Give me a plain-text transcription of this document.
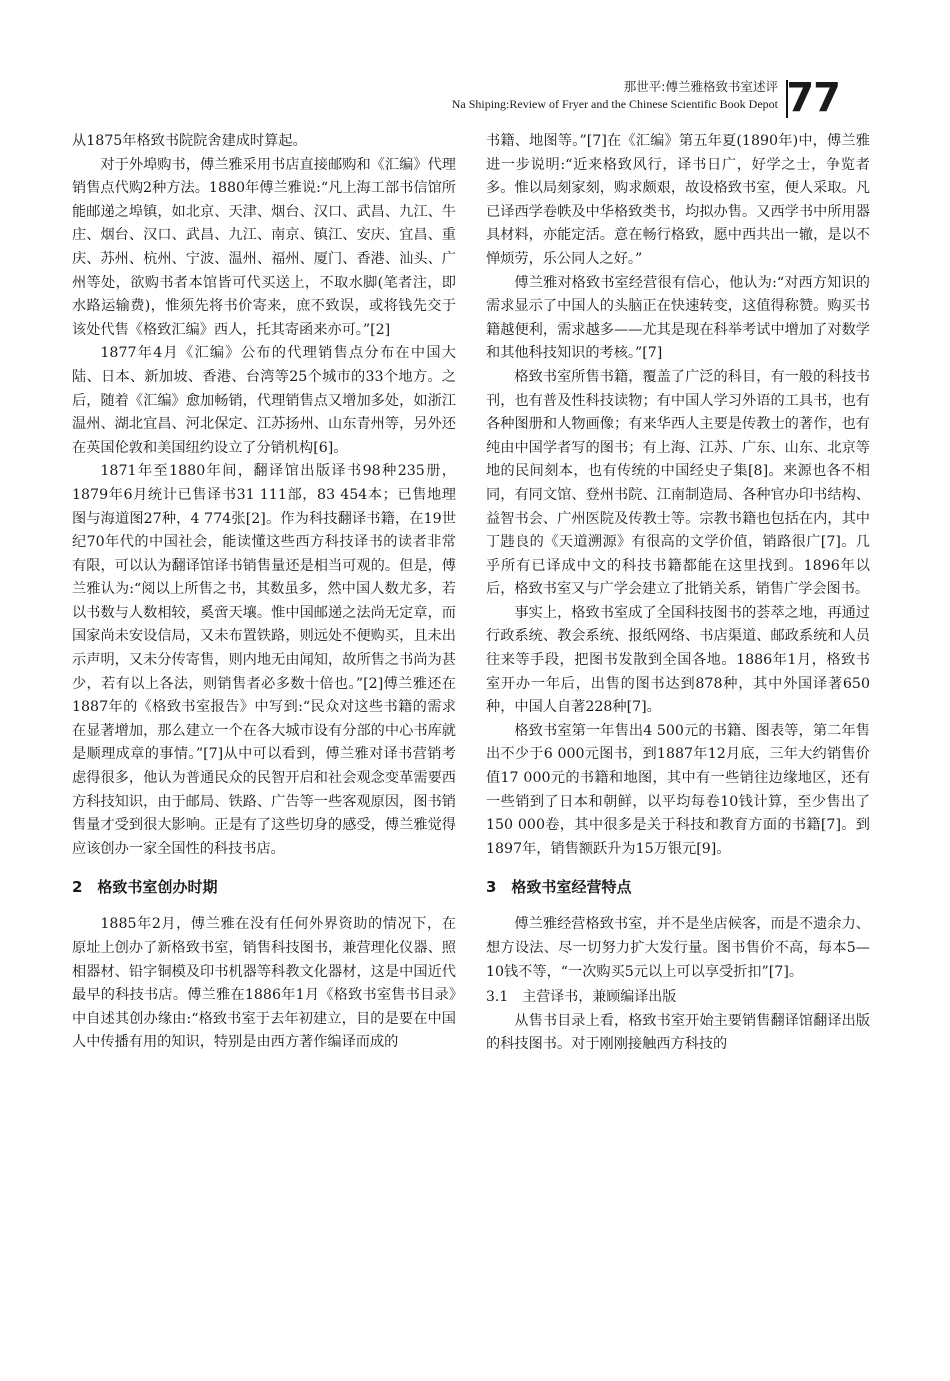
那世平:傅兰雅格致书室述评
Na Shiping:Review of Fryer and the Chinese Scientific Book Depot 77

从1875年格致书院院舍建成时算起。

对于外埠购书，傅兰雅采用书店直接邮购和《汇编》代理销售点代购2种方法。1880年傅兰雅说:“凡上海工部书信馆所能邮递之埠镇，如北京、天津、烟台、汉口、武昌、九江、牛庄、烟台、汉口、武昌、九江、南京、镇江、安庆、宜昌、重庆、苏州、杭州、宁波、温州、福州、厦门、香港、汕头、广州等处，欲购书者本馆皆可代买送上，不取水脚(笔者注，即水路运输费)，惟须先将书价寄来，庶不致误，或将钱先交于该处代售《格致汇编》西人，托其寄函来亦可。”[2]

1877年4月《汇编》公布的代理销售点分布在中国大陆、日本、新加坡、香港、台湾等25个城市的33个地方。之后，随着《汇编》愈加畅销，代理销售点又增加多处，如浙江温州、湖北宜昌、河北保定、江苏扬州、山东青州等，另外还在英国伦敦和美国纽约设立了分销机构[6]。

1871年至1880年间，翻译馆出版译书98种235册，1879年6月统计已售译书31 111部，83 454本；已售地理图与海道图27种，4 774张[2]。作为科技翻译书籍，在19世纪70年代的中国社会，能读懂这些西方科技译书的读者非常有限，可以认为翻译馆译书销售量还是相当可观的。但是，傅兰雅认为:“阅以上所售之书，其数虽多，然中国人数尤多，若以书数与人数相较，奚啻天壤。惟中国邮递之法尚无定章，而国家尚未安设信局，又未布置铁路，则远处不便购买，且未出示声明，又未分传寄售，则内地无由闻知，故所售之书尚为甚少，若有以上各法，则销售者必多数十倍也。”[2]傅兰雅还在1887年的《格致书室报告》中写到:“民众对这些书籍的需求在显著增加，那么建立一个在各大城市设有分部的中心书库就是顺理成章的事情。”[7]从中可以看到，傅兰雅对译书营销考虑得很多，他认为普通民众的民智开启和社会观念变革需要西方科技知识，由于邮局、铁路、广告等一些客观原因，图书销售量才受到很大影响。正是有了这些切身的感受，傅兰雅觉得应该创办一家全国性的科技书店。

2　格致书室创办时期

1885年2月，傅兰雅在没有任何外界资助的情况下，在原址上创办了新格致书室，销售科技图书，兼营理化仪器、照相器材、铅字铜模及印书机器等科教文化器材，这是中国近代最早的科技书店。傅兰雅在1886年1月《格致书室售书目录》中自述其创办缘由:“格致书室于去年初建立，目的是要在中国人中传播有用的知识，特别是由西方著作编译而成的

书籍、地图等。”[7]在《汇编》第五年夏(1890年)中，傅兰雅进一步说明:“近来格致风行，译书日广，好学之士，争览者多。惟以局刻家刻，购求颇艰，故设格致书室，便人采取。凡已译西学卷帙及中华格致类书，均拟办售。又西学书中所用器具材料，亦能定活。意在畅行格致，愿中西共出一辙，是以不惮烦劳，乐公同人之好。”

傅兰雅对格致书室经营很有信心，他认为:“对西方知识的需求显示了中国人的头脑正在快速转变，这值得称赞。购买书籍越便利，需求越多——尤其是现在科举考试中增加了对数学和其他科技知识的考核。”[7]

格致书室所售书籍，覆盖了广泛的科目，有一般的科技书刊，也有普及性科技读物；有中国人学习外语的工具书，也有各种图册和人物画像；有来华西人主要是传教士的著作，也有纯由中国学者写的图书；有上海、江苏、广东、山东、北京等地的民间刻本，也有传统的中国经史子集[8]。来源也各不相同，有同文馆、登州书院、江南制造局、各种官办印书结构、益智书会、广州医院及传教士等。宗教书籍也包括在内，其中丁韪良的《天道溯源》有很高的文学价值，销路很广[7]。几乎所有已译成中文的科技书籍都能在这里找到。1896年以后，格致书室又与广学会建立了批销关系，销售广学会图书。

事实上，格致书室成了全国科技图书的荟萃之地，再通过行政系统、教会系统、报纸网络、书店渠道、邮政系统和人员往来等手段，把图书发散到全国各地。1886年1月，格致书室开办一年后，出售的图书达到878种，其中外国译著650种，中国人自著228种[7]。

格致书室第一年售出4 500元的书籍、图表等，第二年售出不少于6 000元图书，到1887年12月底，三年大约销售价值17 000元的书籍和地图，其中有一些销往边缘地区，还有一些销到了日本和朝鲜，以平均每卷10钱计算，至少售出了150 000卷，其中很多是关于科技和教育方面的书籍[7]。到1897年，销售额跃升为15万银元[9]。

3　格致书室经营特点

傅兰雅经营格致书室，并不是坐店候客，而是不遗余力、想方设法、尽一切努力扩大发行量。图书售价不高，每本5—10钱不等，“一次购买5元以上可以享受折扣”[7]。

3.1　主营译书，兼顾编译出版

从售书目录上看，格致书室开始主要销售翻译馆翻译出版的科技图书。对于刚刚接触西方科技的
